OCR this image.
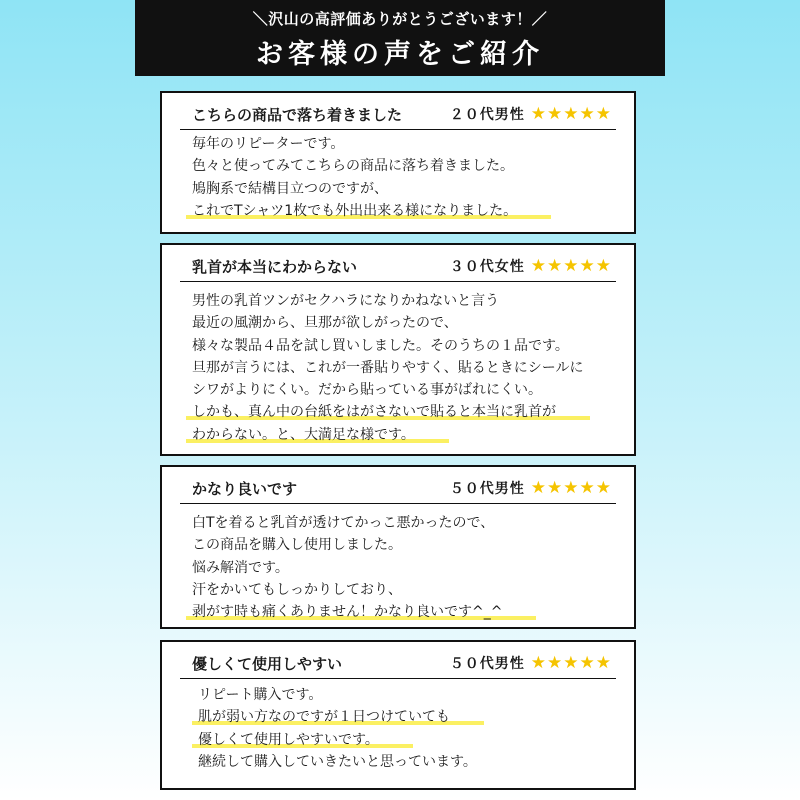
＼沢山の高評価ありがとうございます！／
お客様の声をご紹介
こちらの商品で落ち着きました	２０代男性 ★★★★★
毎年のリピーターです。
色々と使ってみてこちらの商品に落ち着きました。
鳩胸系で結構目立つのですが、
これでTシャツ1枚でも外出出来る様になりました。
乳首が本当にわからない	３０代女性 ★★★★★
男性の乳首ツンがセクハラになりかねないと言う
最近の風潮から、旦那が欲しがったので、
様々な製品４品を試し買いしました。そのうちの１品です。
旦那が言うには、これが一番貼りやすく、貼るときにシールに
シワがよりにくい。だから貼っている事がばれにくい。
しかも、真ん中の台紙をはがさないで貼ると本当に乳首が
わからない。と、大満足な様です。
かなり良いです	５０代男性 ★★★★★
白Tを着ると乳首が透けてかっこ悪かったので、
この商品を購入し使用しました。
悩み解消です。
汗をかいてもしっかりしており、
剥がす時も痛くありません！かなり良いです^_^
優しくて使用しやすい	５０代男性 ★★★★★
リピート購入です。
肌が弱い方なのですが１日つけていても
優しくて使用しやすいです。
継続して購入していきたいと思っています。
